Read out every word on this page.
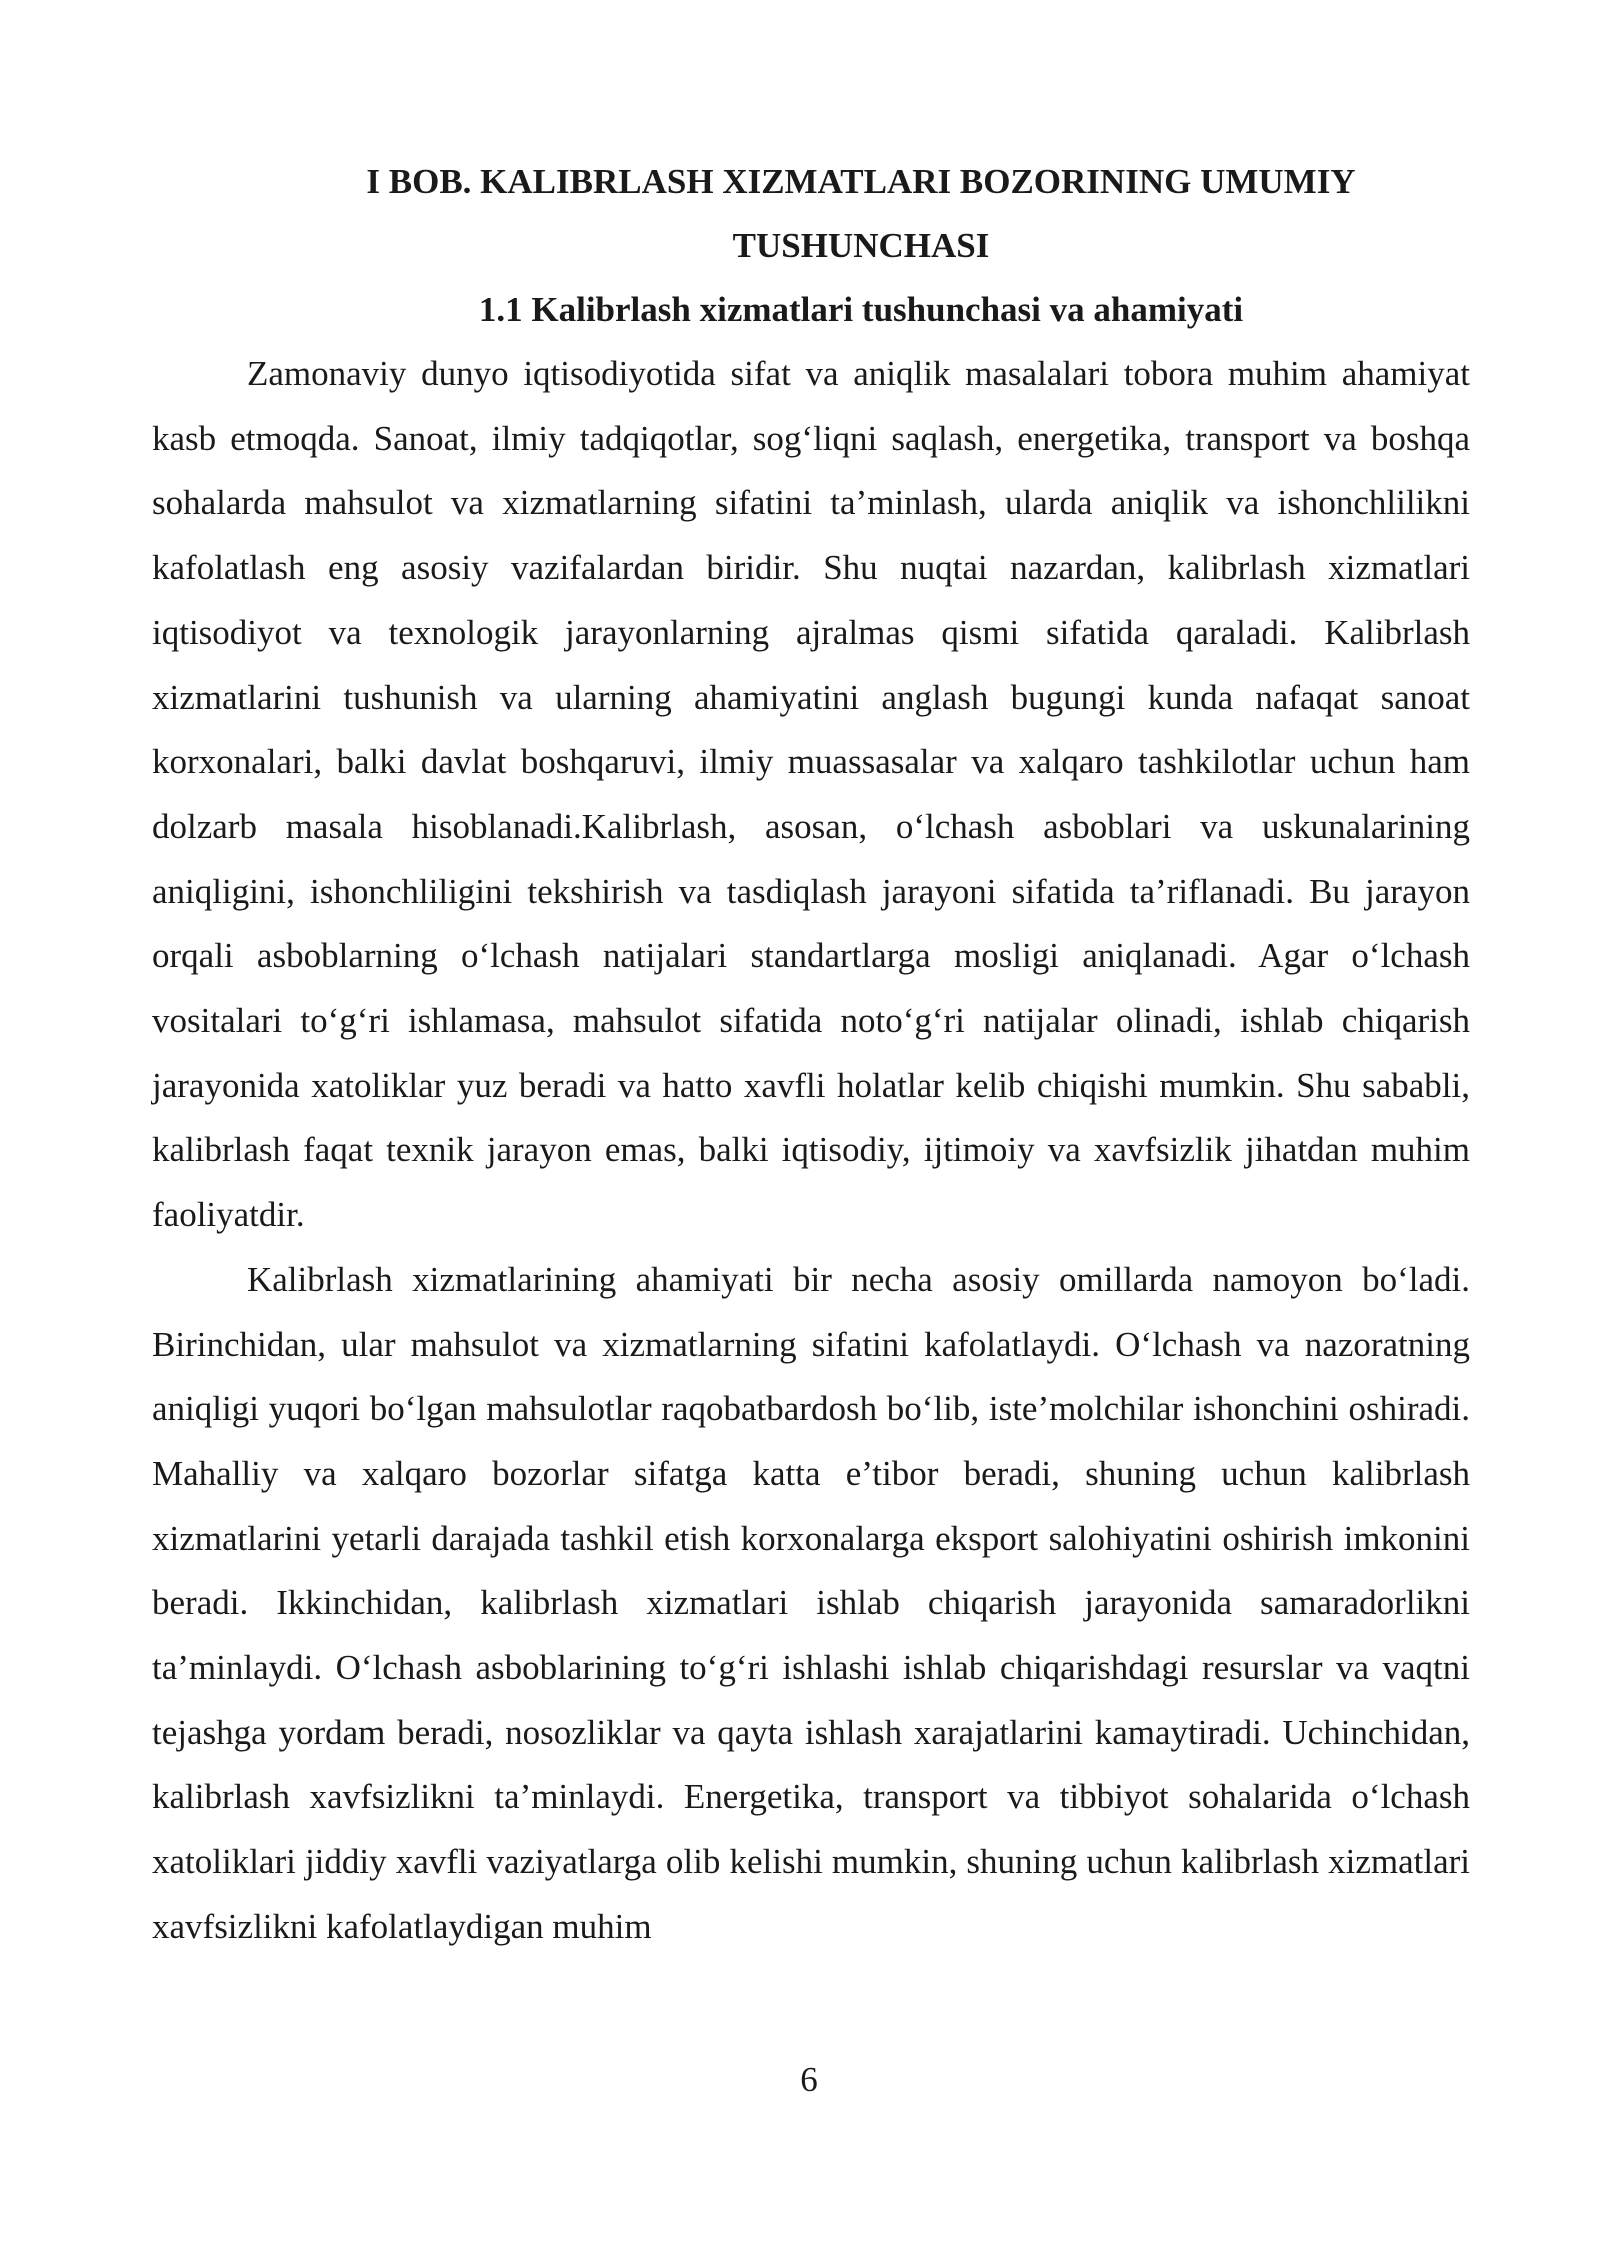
I BOB. KALIBRLASH XIZMATLARI BOZORINING UMUMIY TUSHUNCHASI
1.1 Kalibrlash xizmatlari tushunchasi va ahamiyati

Zamonaviy dunyo iqtisodiyotida sifat va aniqlik masalalari tobora muhim ahamiyat kasb etmoqda. Sanoat, ilmiy tadqiqotlar, sog‘liqni saqlash, energetika, transport va boshqa sohalarda mahsulot va xizmatlarning sifatini ta’minlash, ularda aniqlik va ishonchlilikni kafolatlash eng asosiy vazifalardan biridir. Shu nuqtai nazardan, kalibrlash xizmatlari iqtisodiyot va texnologik jarayonlarning ajralmas qismi sifatida qaraladi. Kalibrlash xizmatlarini tushunish va ularning ahamiyatini anglash bugungi kunda nafaqat sanoat korxonalari, balki davlat boshqaruvi, ilmiy muassasalar va xalqaro tashkilotlar uchun ham dolzarb masala hisoblanadi.Kalibrlash, asosan, o‘lchash asboblari va uskunalarining aniqligini, ishonchliligini tekshirish va tasdiqlash jarayoni sifatida ta’riflanadi. Bu jarayon orqali asboblarning o‘lchash natijalari standartlarga mosligi aniqlanadi. Agar o‘lchash vositalari to‘g‘ri ishlamasa, mahsulot sifatida noto‘g‘ri natijalar olinadi, ishlab chiqarish jarayonida xatoliklar yuz beradi va hatto xavfli holatlar kelib chiqishi mumkin. Shu sababli, kalibrlash faqat texnik jarayon emas, balki iqtisodiy, ijtimoiy va xavfsizlik jihatdan muhim faoliyatdir.

Kalibrlash xizmatlarining ahamiyati bir necha asosiy omillarda namoyon bo‘ladi. Birinchidan, ular mahsulot va xizmatlarning sifatini kafolatlaydi. O‘lchash va nazoratning aniqligi yuqori bo‘lgan mahsulotlar raqobatbardosh bo‘lib, iste’molchilar ishonchini oshiradi. Mahalliy va xalqaro bozorlar sifatga katta e’tibor beradi, shuning uchun kalibrlash xizmatlarini yetarli darajada tashkil etish korxonalarga eksport salohiyatini oshirish imkonini beradi. Ikkinchidan, kalibrlash xizmatlari ishlab chiqarish jarayonida samaradorlikni ta’minlaydi. O‘lchash asboblarining to‘g‘ri ishlashi ishlab chiqarishdagi resurslar va vaqtni tejashga yordam beradi, nosozliklar va qayta ishlash xarajatlarini kamaytiradi. Uchinchidan, kalibrlash xavfsizlikni ta’minlaydi. Energetika, transport va tibbiyot sohalarida o‘lchash xatoliklari jiddiy xavfli vaziyatlarga olib kelishi mumkin, shuning uchun kalibrlash xizmatlari xavfsizlikni kafolatlaydigan muhim

6
